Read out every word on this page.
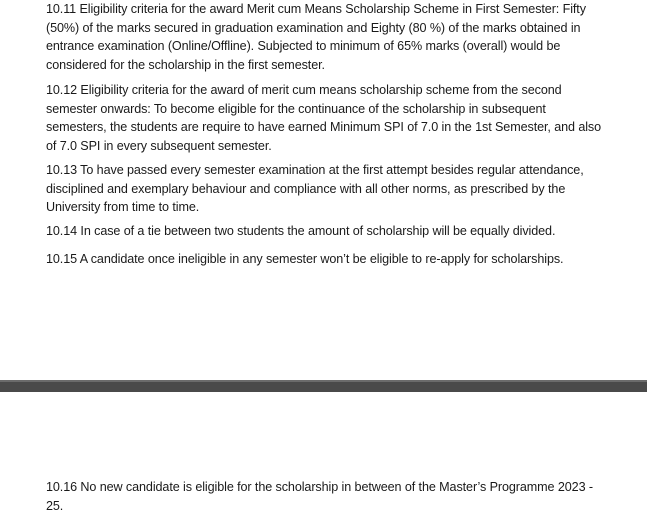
10.11 Eligibility criteria for the award Merit cum Means Scholarship Scheme in First Semester: Fifty (50%) of the marks secured in graduation examination and Eighty (80 %) of the marks obtained in entrance examination (Online/Offline). Subjected to minimum of 65% marks (overall) would be considered for the scholarship in the first semester.

10.12 Eligibility criteria for the award of merit cum means scholarship scheme from the second semester onwards: To become eligible for the continuance of the scholarship in subsequent semesters, the students are require to have earned Minimum SPI of 7.0 in the 1st Semester, and also of 7.0 SPI in every subsequent semester.

10.13 To have passed every semester examination at the first attempt besides regular attendance, disciplined and exemplary behaviour and compliance with all other norms, as prescribed by the University from time to time.

10.14 In case of a tie between two students the amount of scholarship will be equally divided.

10.15 A candidate once ineligible in any semester won’t be eligible to re-apply for scholarships.

10.16 No new candidate is eligible for the scholarship in between of the Master’s Programme 2023 - 25.
